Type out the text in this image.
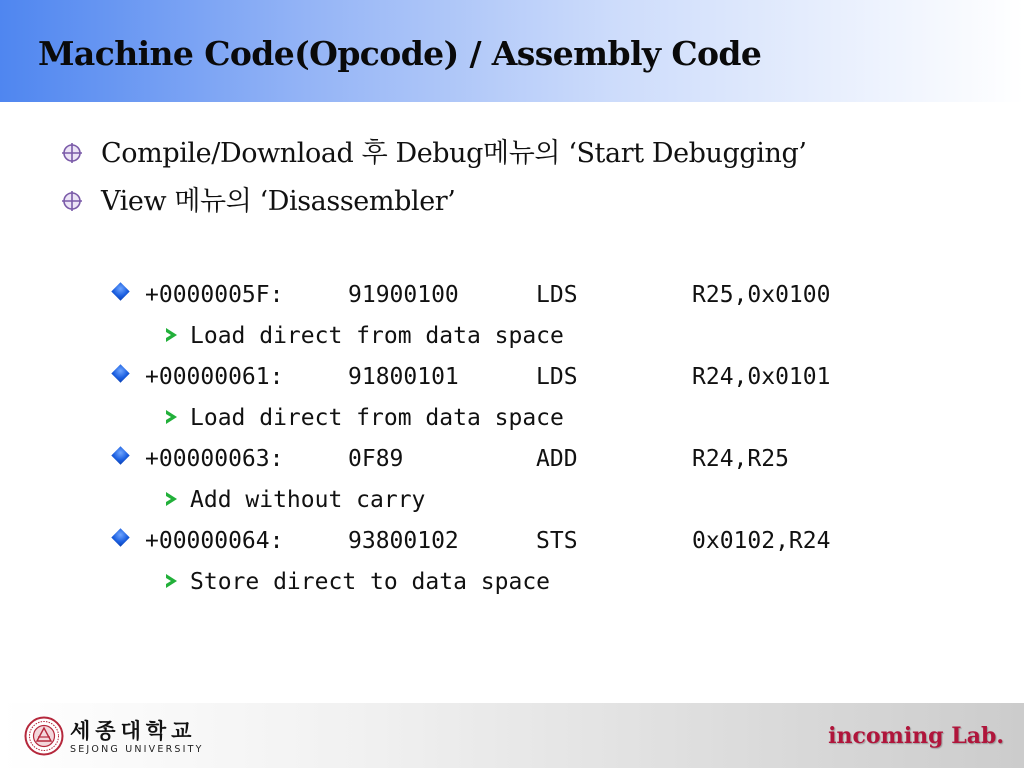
Machine Code(Opcode) / Assembly Code
Compile/Download 후 Debug메뉴의 ‘Start Debugging’
View 메뉴의 ‘Disassembler’
+0000005F:	91900100	LDS	R25,0x0100
Load direct from data space
+00000061:	91800101	LDS	R24,0x0101
Load direct from data space
+00000063:	0F89	ADD	R24,R25
Add without carry
+00000064:	93800102	STS	0x0102,R24
Store direct to data space
세종대학교
SEJONG UNIVERSITY
incoming Lab.
